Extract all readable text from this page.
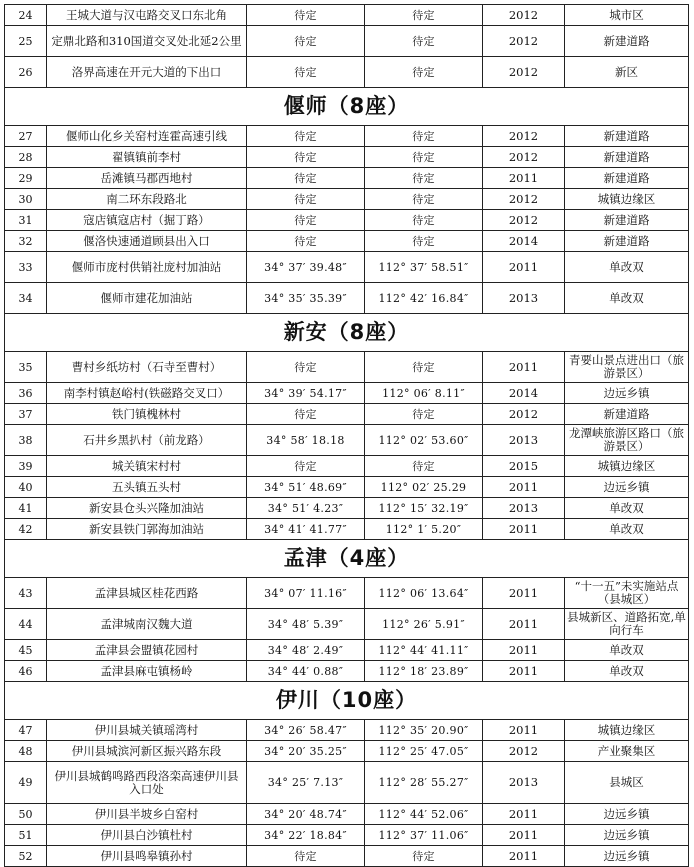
24	王城大道与汉屯路交叉口东北角	待定	待定	2012	城市区
25	定鼎北路和310国道交叉处北延2公里	待定	待定	2012	新建道路
26	洛界高速在开元大道的下出口	待定	待定	2012	新区
偃师（8座）					
27	偃师山化乡关窑村连霍高速引线	待定	待定	2012	新建道路
28	翟镇镇前李村	待定	待定	2012	新建道路
29	岳滩镇马郡西地村	待定	待定	2011	新建道路
30	南二环东段路北	待定	待定	2012	城镇边缘区
31	寇店镇寇店村（掘丁路）	待定	待定	2012	新建道路
32	偃洛快速通道顾县出入口	待定	待定	2014	新建道路
33	偃师市庞村供销社庞村加油站	34° 37′ 39.48″	112° 37′ 58.51″	2011	单改双
34	偃师市建花加油站	34° 35′ 35.39″	112° 42′ 16.84″	2013	单改双
新安（8座）					
35	曹村乡纸坊村（石寺至曹村）	待定	待定	2011	青要山景点进出口（旅游景区）
36	南李村镇赵峪村(铁磁路交叉口）	34° 39′ 54.17″	112° 06′ 8.11″	2014	边远乡镇
37	铁门镇槐林村	待定	待定	2012	新建道路
38	石井乡黑扒村（前龙路）	34° 58′ 18.18	112° 02′ 53.60″	2013	龙潭峡旅游区路口（旅游景区）
39	城关镇宋村村	待定	待定	2015	城镇边缘区
40	五头镇五头村	34° 51′ 48.69″	112° 02′ 25.29	2011	边远乡镇
41	新安县仓头兴隆加油站	34° 51′ 4.23″	112° 15′ 32.19″	2013	单改双
42	新安县铁门郭海加油站	34° 41′ 41.77″	112° 1′ 5.20″	2011	单改双
孟津（4座）					
43	孟津县城区桂花西路	34° 07′ 11.16″	112° 06′ 13.64″	2011	“十一五”未实施站点（县城区）
44	孟津城南汉魏大道	34° 48′ 5.39″	112° 26′ 5.91″	2011	县城新区、道路拓宽,单向行车
45	孟津县会盟镇花园村	34° 48′ 2.49″	112° 44′ 41.11″	2011	单改双
46	孟津县麻屯镇杨岭	34° 44′ 0.88″	112° 18′ 23.89″	2011	单改双
伊川（10座）					
47	伊川县城关镇瑶湾村	34° 26′ 58.47″	112° 35′ 20.90″	2011	城镇边缘区
48	伊川县城滨河新区振兴路东段	34° 20′ 35.25″	112° 25′ 47.05″	2012	产业聚集区
49	伊川县城鹤鸣路西段洛栾高速伊川县入口处	34° 25′ 7.13″	112° 28′ 55.27″	2013	县城区
50	伊川县半坡乡白窑村	34° 20′ 48.74″	112° 44′ 52.06″	2011	边远乡镇
51	伊川县白沙镇杜村	34° 22′ 18.84″	112° 37′ 11.06″	2011	边远乡镇
52	伊川县鸣皋镇孙村	待定	待定	2011	边远乡镇
